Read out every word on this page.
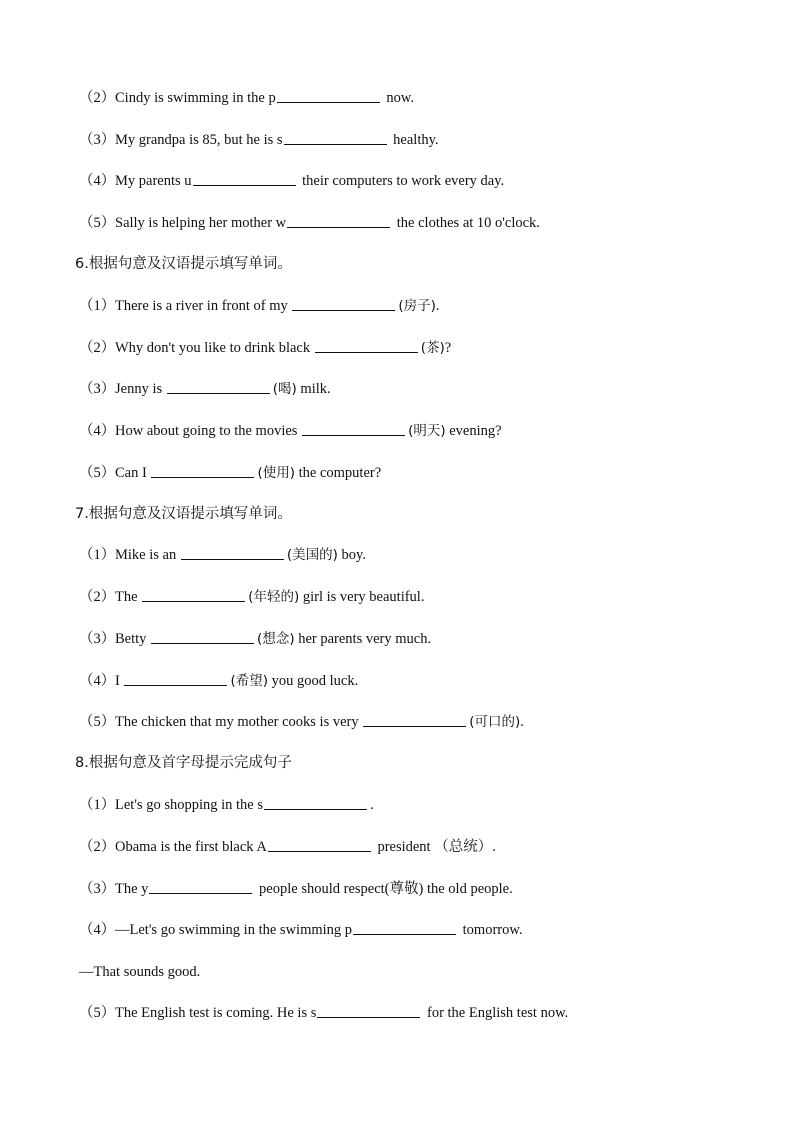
（2）Cindy is swimming in the p	now.
（3）My grandpa is 85, but he is s	healthy.
（4）My parents u	their computers to work every day.
（5）Sally is helping her mother w	the clothes at 10 o'clock.
6.根据句意及汉语提示填写单词。
（1）There is a river in front of my	(房子).
（2）Why don't you like to drink black	(茶)?
（3）Jenny is	(喝) milk.
（4）How about going to the movies	(明天) evening?
（5）Can I	(使用) the computer?
7.根据句意及汉语提示填写单词。
（1）Mike is an	(美国的) boy.
（2）The	(年轻的) girl is very beautiful.
（3）Betty	(想念) her parents very much.
（4）I	(希望) you good luck.
（5）The chicken that my mother cooks is very	(可口的).
8.根据句意及首字母提示完成句子
（1）Let's go shopping in the s	.
（2）Obama is the first black A	president （总统）.
（3）The y	people should respect(尊敬) the old people.
（4）—Let's go swimming in the swimming p	tomorrow.
—That sounds good.
（5）The English test is coming. He is s	for the English test now.
